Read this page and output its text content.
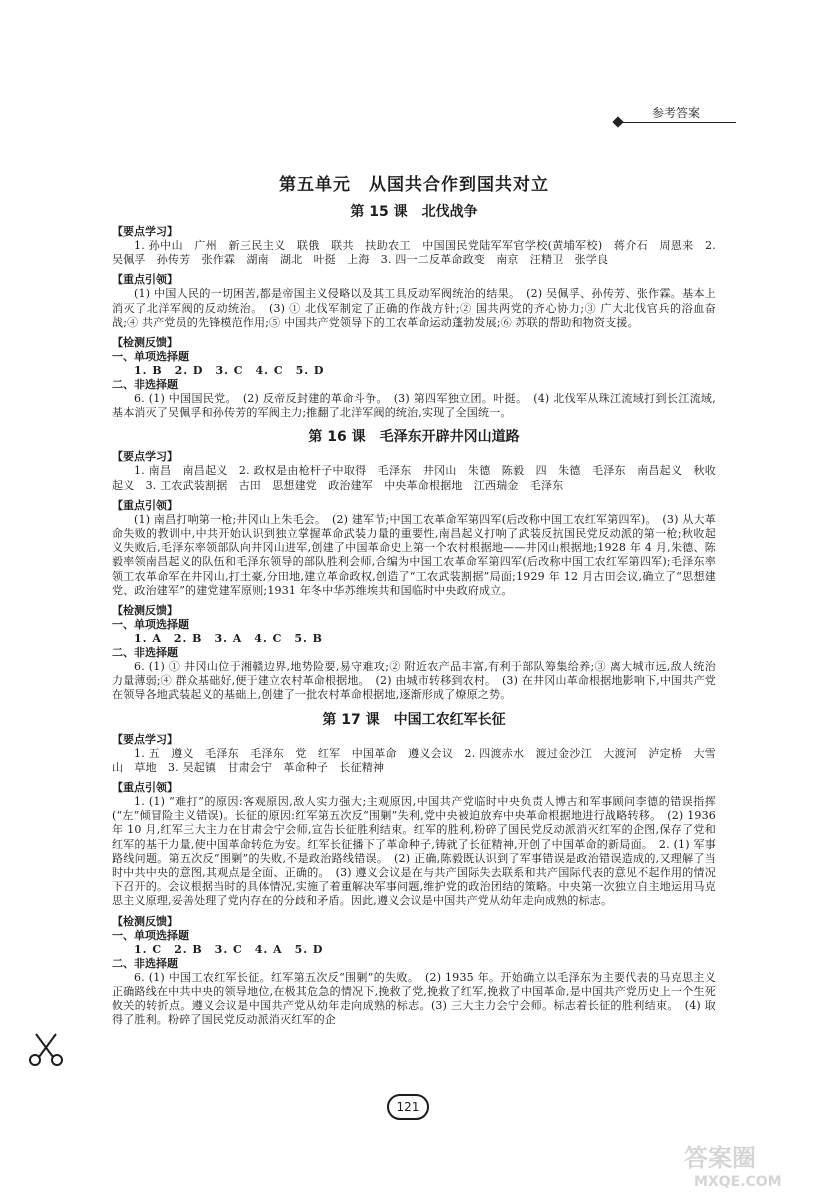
参考答案
第五单元　从国共合作到国共对立
第 15 课 北伐战争
【要点学习】
1. 孙中山　广州　新三民主义　联俄　联共　扶助农工　中国国民党陆军军官学校(黄埔军校)　蒋介石　周恩来　2. 吴佩孚　孙传芳　张作霖　湖南　湖北　叶挺　上海　3. 四一二反革命政变　南京　汪精卫　张学良
【重点引领】
(1) 中国人民的一切困苦,都是帝国主义侵略以及其工具反动军阀统治的结果。　(2) 吴佩孚、孙传芳、张作霖。基本上消灭了北洋军阀的反动统治。　(3) ① 北伐军制定了正确的作战方针;② 国共两党的齐心协力;③ 广大北伐官兵的浴血奋战;④ 共产党员的先锋模范作用;⑤ 中国共产党领导下的工农革命运动蓬勃发展;⑥ 苏联的帮助和物资支援。
【检测反馈】
一、单项选择题
1. B　2. D　3. C　4. C　5. D
二、非选择题
6. (1) 中国国民党。　(2) 反帝反封建的革命斗争。　(3) 第四军独立团。叶挺。　(4) 北伐军从珠江流域打到长江流域,基本消灭了吴佩孚和孙传芳的军阀主力;推翻了北洋军阀的统治,实现了全国统一。
第 16 课 毛泽东开辟井冈山道路
【要点学习】
1. 南昌　南昌起义　2. 政权是由枪杆子中取得　毛泽东　井冈山　朱德　陈毅　四　朱德　毛泽东　南昌起义　秋收起义　3. 工农武装割据　古田　思想建党　政治建军　中央革命根据地　江西瑞金　毛泽东
【重点引领】
(1) 南昌打响第一枪;井冈山上朱毛会。　(2) 建军节;中国工农革命军第四军(后改称中国工农红军第四军)。　(3) 从大革命失败的教训中,中共开始认识到独立掌握革命武装力量的重要性,南昌起义打响了武装反抗国民党反动派的第一枪;秋收起义失败后,毛泽东率领部队向井冈山进军,创建了中国革命史上第一个农村根据地——井冈山根据地;1928 年 4 月,朱德、陈毅率领南昌起义的队伍和毛泽东领导的部队胜利会师,合编为中国工农革命军第四军(后改称中国工农红军第四军);毛泽东率领工农革命军在井冈山,打土豪,分田地,建立革命政权,创造了“工农武装割据”局面;1929 年 12 月古田会议,确立了“思想建党、政治建军”的建党建军原则;1931 年冬中华苏维埃共和国临时中央政府成立。
【检测反馈】
一、单项选择题
1. A　2. B　3. A　4. C　5. B
二、非选择题
6. (1) ① 井冈山位于湘赣边界,地势险要,易守难攻;② 附近农产品丰富,有利于部队筹集给养;③ 离大城市远,敌人统治力量薄弱;④ 群众基础好,便于建立农村革命根据地。　(2) 由城市转移到农村。　(3) 在井冈山革命根据地影响下,中国共产党在领导各地武装起义的基础上,创建了一批农村革命根据地,逐渐形成了燎原之势。
第 17 课 中国工农红军长征
【要点学习】
1. 五　遵义　毛泽东　毛泽东　党　红军　中国革命　遵义会议　2. 四渡赤水　渡过金沙江　大渡河　泸定桥　大雪山　草地　3. 吴起镇　甘肃会宁　革命种子　长征精神
【重点引领】
1. (1) “难打”的原因:客观原因,敌人实力强大;主观原因,中国共产党临时中央负责人博古和军事顾问李德的错误指挥(“左”倾冒险主义错误)。长征的原因:红军第五次反“围剿”失利,党中央被迫放弃中央革命根据地进行战略转移。　(2) 1936 年 10 月,红军三大主力在甘肃会宁会师,宣告长征胜利结束。红军的胜利,粉碎了国民党反动派消灭红军的企图,保存了党和红军的基干力量,使中国革命转危为安。红军长征播下了革命种子,铸就了长征精神,开创了中国革命的新局面。　2. (1) 军事路线问题。第五次反“围剿”的失败,不是政治路线错误。　(2) 正确,陈毅既认识到了军事错误是政治错误造成的,又理解了当时中共中央的意图,其观点是全面、正确的。　(3) 遵义会议是在与共产国际失去联系和共产国际代表的意见不起作用的情况下召开的。会议根据当时的具体情况,实施了着重解决军事问题,维护党的政治团结的策略。中央第一次独立自主地运用马克思主义原理,妥善处理了党内存在的分歧和矛盾。因此,遵义会议是中国共产党从幼年走向成熟的标志。
【检测反馈】
一、单项选择题
1. C　2. B　3. C　4. A　5. D
二、非选择题
6. (1) 中国工农红军长征。红军第五次反“围剿”的失败。　(2) 1935 年。开始确立以毛泽东为主要代表的马克思主义正确路线在中共中央的领导地位,在极其危急的情况下,挽救了党,挽救了红军,挽救了中国革命,是中国共产党历史上一个生死攸关的转折点。遵义会议是中国共产党从幼年走向成熟的标志。(3) 三大主力会宁会师。标志着长征的胜利结束。　(4) 取得了胜利。粉碎了国民党反动派消灭红军的企
121
答案圈
MXQE.COM
